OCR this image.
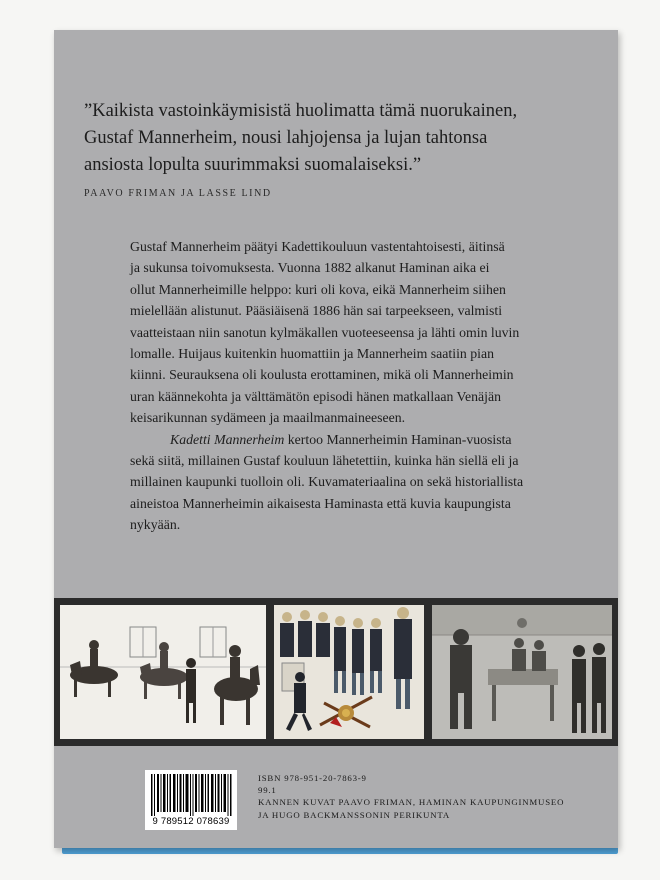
”Kaikista vastoinkäymisistä huolimatta tämä nuorukainen,
Gustaf Mannerheim, nousi lahjojensa ja lujan tahtonsa
ansiosta lopulta suurimmaksi suomalaiseksi.”
PAAVO FRIMAN JA LASSE LIND

Gustaf Mannerheim päätyi Kadettikouluun vastentahtoisesti, äitinsä

ja sukunsa toivomuksesta. Vuonna 1882 alkanut Haminan aika ei

ollut Mannerheimille helppo: kuri oli kova, eikä Mannerheim siihen

mielellään alistunut. Pääsiäisenä 1886 hän sai tarpeekseen, valmisti

vaatteistaan niin sanotun kylmäkallen vuoteeseensa ja lähti omin luvin

lomalle. Huijaus kuitenkin huomattiin ja Mannerheim saatiin pian

kiinni. Seurauksena oli koulusta erottaminen, mikä oli Mannerheimin

uran käännekohta ja välttämätön episodi hänen matkallaan Venäjän

keisarikunnan sydämeen ja maailmanmaineeseen.

Kadetti Mannerheim kertoo Mannerheimin Haminan-vuosista

sekä siitä, millainen Gustaf kouluun lähetettiin, kuinka hän siellä eli ja

millainen kaupunki tuolloin oli. Kuvamateriaalina on sekä historiallista

aineistoa Mannerheimin aikaisesta Haminasta että kuvia kaupungista

nykyään.

9 789512 078639
ISBN 978-951-20-7863-9
99.1
KANNEN KUVAT PAAVO FRIMAN, HAMINAN KAUPUNGINMUSEO
JA HUGO BACKMANSSONIN PERIKUNTA
